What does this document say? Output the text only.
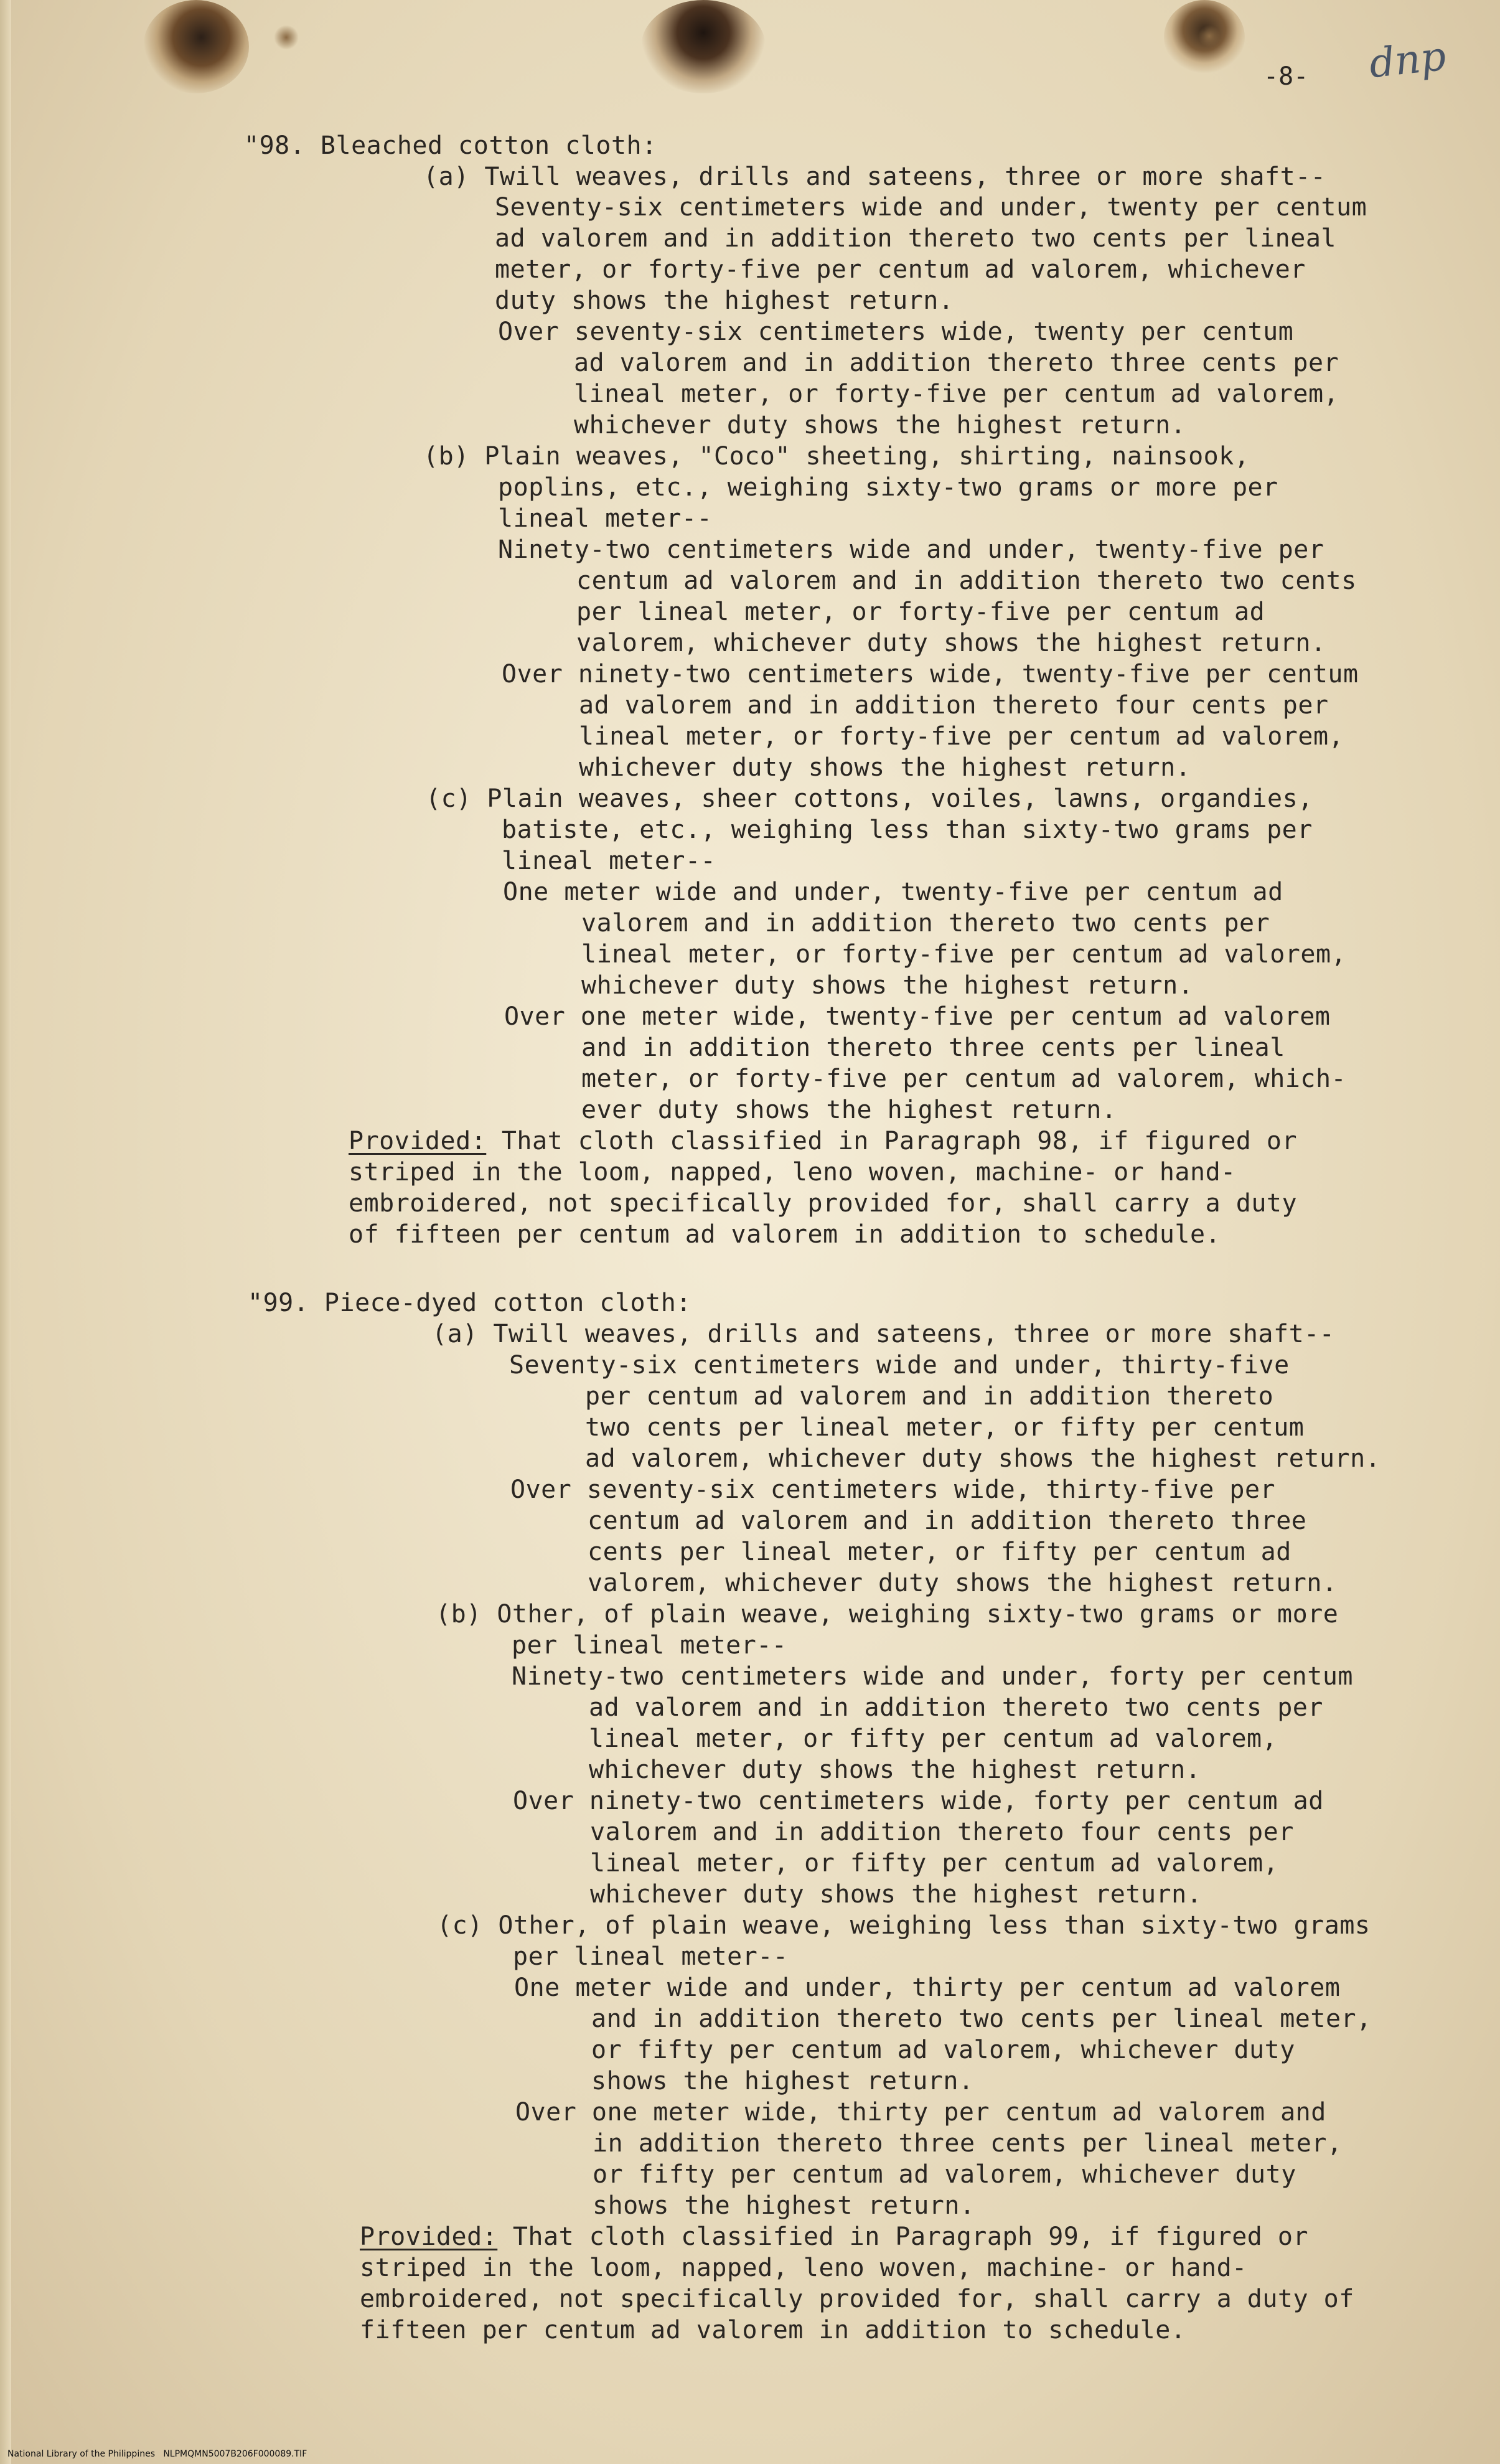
-8- dnp
"98. Bleached cotton cloth:
(a) Twill weaves, drills and sateens, three or more shaft--
Seventy-six centimeters wide and under, twenty per centum
ad valorem and in addition thereto two cents per lineal
meter, or forty-five per centum ad valorem, whichever
duty shows the highest return.
Over seventy-six centimeters wide, twenty per centum
ad valorem and in addition thereto three cents per
lineal meter, or forty-five per centum ad valorem,
whichever duty shows the highest return.
(b) Plain weaves, "Coco" sheeting, shirting, nainsook,
poplins, etc., weighing sixty-two grams or more per
lineal meter--
Ninety-two centimeters wide and under, twenty-five per
centum ad valorem and in addition thereto two cents
per lineal meter, or forty-five per centum ad
valorem, whichever duty shows the highest return.
Over ninety-two centimeters wide, twenty-five per centum
ad valorem and in addition thereto four cents per
lineal meter, or forty-five per centum ad valorem,
whichever duty shows the highest return.
(c) Plain weaves, sheer cottons, voiles, lawns, organdies,
batiste, etc., weighing less than sixty-two grams per
lineal meter--
One meter wide and under, twenty-five per centum ad
valorem and in addition thereto two cents per
lineal meter, or forty-five per centum ad valorem,
whichever duty shows the highest return.
Over one meter wide, twenty-five per centum ad valorem
and in addition thereto three cents per lineal
meter, or forty-five per centum ad valorem, which-
ever duty shows the highest return.
Provided: That cloth classified in Paragraph 98, if figured or
striped in the loom, napped, leno woven, machine- or hand-
embroidered, not specifically provided for, shall carry a duty
of fifteen per centum ad valorem in addition to schedule.
"99. Piece-dyed cotton cloth:
(a) Twill weaves, drills and sateens, three or more shaft--
Seventy-six centimeters wide and under, thirty-five
per centum ad valorem and in addition thereto
two cents per lineal meter, or fifty per centum
ad valorem, whichever duty shows the highest return.
Over seventy-six centimeters wide, thirty-five per
centum ad valorem and in addition thereto three
cents per lineal meter, or fifty per centum ad
valorem, whichever duty shows the highest return.
(b) Other, of plain weave, weighing sixty-two grams or more
per lineal meter--
Ninety-two centimeters wide and under, forty per centum
ad valorem and in addition thereto two cents per
lineal meter, or fifty per centum ad valorem,
whichever duty shows the highest return.
Over ninety-two centimeters wide, forty per centum ad
valorem and in addition thereto four cents per
lineal meter, or fifty per centum ad valorem,
whichever duty shows the highest return.
(c) Other, of plain weave, weighing less than sixty-two grams
per lineal meter--
One meter wide and under, thirty per centum ad valorem
and in addition thereto two cents per lineal meter,
or fifty per centum ad valorem, whichever duty
shows the highest return.
Over one meter wide, thirty per centum ad valorem and
in addition thereto three cents per lineal meter,
or fifty per centum ad valorem, whichever duty
shows the highest return.
Provided: That cloth classified in Paragraph 99, if figured or
striped in the loom, napped, leno woven, machine- or hand-
embroidered, not specifically provided for, shall carry a duty of
fifteen per centum ad valorem in addition to schedule.
National Library of the Philippines   NLPMQMN5007B206F000089.TIF
